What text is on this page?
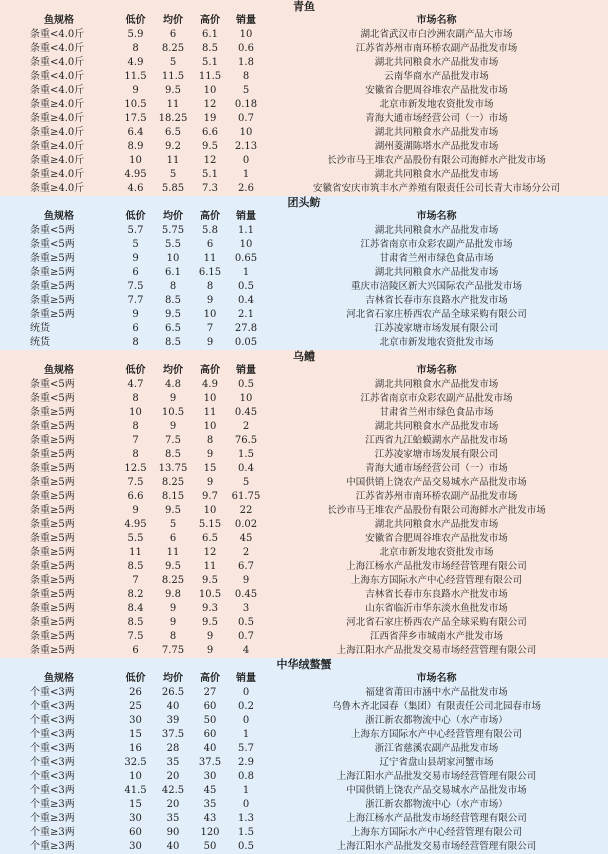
青鱼
鱼规格	低价	均价	高价	销量	市场名称
条重<4.0斤	5.9	6	6.1	10	湖北省武汉市白沙洲农副产品大市场
条重<4.0斤	8	8.25	8.5	0.6	江苏省苏州市南环桥农副产品批发市场
条重<4.0斤	4.9	5	5.1	1.8	湖北共同粮食水产品批发市场
条重<4.0斤	11.5	11.5	11.5	8	云南华商水产品批发市场
条重<4.0斤	9	9.5	10	5	安徽省合肥周谷堆农产品批发市场
条重≥4.0斤	10.5	11	12	0.18	北京市新发地农资批发市场
条重≥4.0斤	17.5	18.25	19	0.7	青海大通市场经营公司（一）市场
条重≥4.0斤	6.4	6.5	6.6	10	湖北共同粮食水产品批发市场
条重≥4.0斤	8.9	9.2	9.5	2.13	湖州菱湖陈塔水产品批发市场
条重≥4.0斤	10	11	12	0	长沙市马王堆农产品股份有限公司海鲜水产批发市场
条重≥4.0斤	4.95	5	5.1	1	湖北共同粮食水产品批发市场
条重≥4.0斤	4.6	5.85	7.3	2.6	安徽省安庆市筑丰水产养殖有限责任公司长青大市场分公司
团头鲂
鱼规格	低价	均价	高价	销量	市场名称
条重<5两	5.7	5.75	5.8	1.1	湖北共同粮食水产品批发市场
条重<5两	5	5.5	6	10	江苏省南京市众彩农副产品批发市场
条重≥5两	9	10	11	0.65	甘肃省兰州市绿色食品市场
条重≥5两	6	6.1	6.15	1	湖北共同粮食水产品批发市场
条重≥5两	7.5	8	8	0.5	重庆市涪陵区新大兴国际农产品批发市场
条重≥5两	7.7	8.5	9	0.4	吉林省长春市东良路水产批发市场
条重≥5两	9	9.5	10	2.1	河北省石家庄桥西农产品全球采购有限公司
统货	6	6.5	7	27.8	江苏凌家塘市场发展有限公司
统货	8	8.5	9	0.05	北京市新发地农资批发市场
乌鳢
鱼规格	低价	均价	高价	销量	市场名称
条重<5两	4.7	4.8	4.9	0.5	湖北共同粮食水产品批发市场
条重<5两	8	9	10	10	江苏省南京市众彩农副产品批发市场
条重≥5两	10	10.5	11	0.45	甘肃省兰州市绿色食品市场
条重≥5两	8	9	10	2	湖北共同粮食水产品批发市场
条重≥5两	7	7.5	8	76.5	江西省九江蛤蟆湖水产品批发市场
条重≥5两	8	8.5	9	1.5	江苏凌家塘市场发展有限公司
条重≥5两	12.5	13.75	15	0.4	青海大通市场经营公司（一）市场
条重≥5两	7.5	8.25	9	5	中国供销上饶农产品交易城水产品批发市场
条重≥5两	6.6	8.15	9.7	61.75	江苏省苏州市南环桥农副产品批发市场
条重≥5两	9	9.5	10	22	长沙市马王堆农产品股份有限公司海鲜水产批发市场
条重≥5两	4.95	5	5.15	0.02	湖北共同粮食水产品批发市场
条重≥5两	5.5	6	6.5	45	安徽省合肥周谷堆农产品批发市场
条重≥5两	11	11	12	2	北京市新发地农资批发市场
条重≥5两	8.5	9.5	11	6.7	上海江杨水产品批发市场经营管理有限公司
条重≥5两	7	8.25	9.5	9	上海东方国际水产中心经营管理有限公司
条重≥5两	8.2	9.8	10.5	0.45	吉林省长春市东良路水产批发市场
条重≥5两	8.4	9	9.3	3	山东省临沂市华东淡水鱼批发市场
条重≥5两	8.5	9	9.5	0.5	河北省石家庄桥西农产品全球采购有限公司
条重≥5两	7.5	8	9	0.7	江西省萍乡市城南水产批发市场
条重≥5两	6	7.75	9	4	上海江阳水产品批发交易市场经营管理有限公司
中华绒螯蟹
鱼规格	低价	均价	高价	销量	市场名称
个重<3两	26	26.5	27	0	福建省莆田市涵中水产品批发市场
个重<3两	25	40	60	0.2	乌鲁木齐北园春（集团）有限责任公司北园春市场
个重<3两	30	39	50	0	浙江新农都物流中心（水产市场）
个重<3两	15	37.5	60	1	上海东方国际水产中心经营管理有限公司
个重<3两	16	28	40	5.7	浙江省慈溪农副产品批发市场
个重<3两	32.5	35	37.5	2.9	辽宁省盘山县胡家河蟹市场
个重<3两	10	20	30	0.8	上海江阳水产品批发交易市场经营管理有限公司
个重<3两	41.5	42.5	45	1	中国供销上饶农产品交易城水产品批发市场
个重≥3两	15	20	35	0	浙江新农都物流中心（水产市场）
个重≥3两	30	35	43	1.3	上海江杨水产品批发市场经营管理有限公司
个重≥3两	60	90	120	1.5	上海东方国际水产中心经营管理有限公司
个重≥3两	30	40	50	0.5	上海江阳水产品批发交易市场经营管理有限公司
